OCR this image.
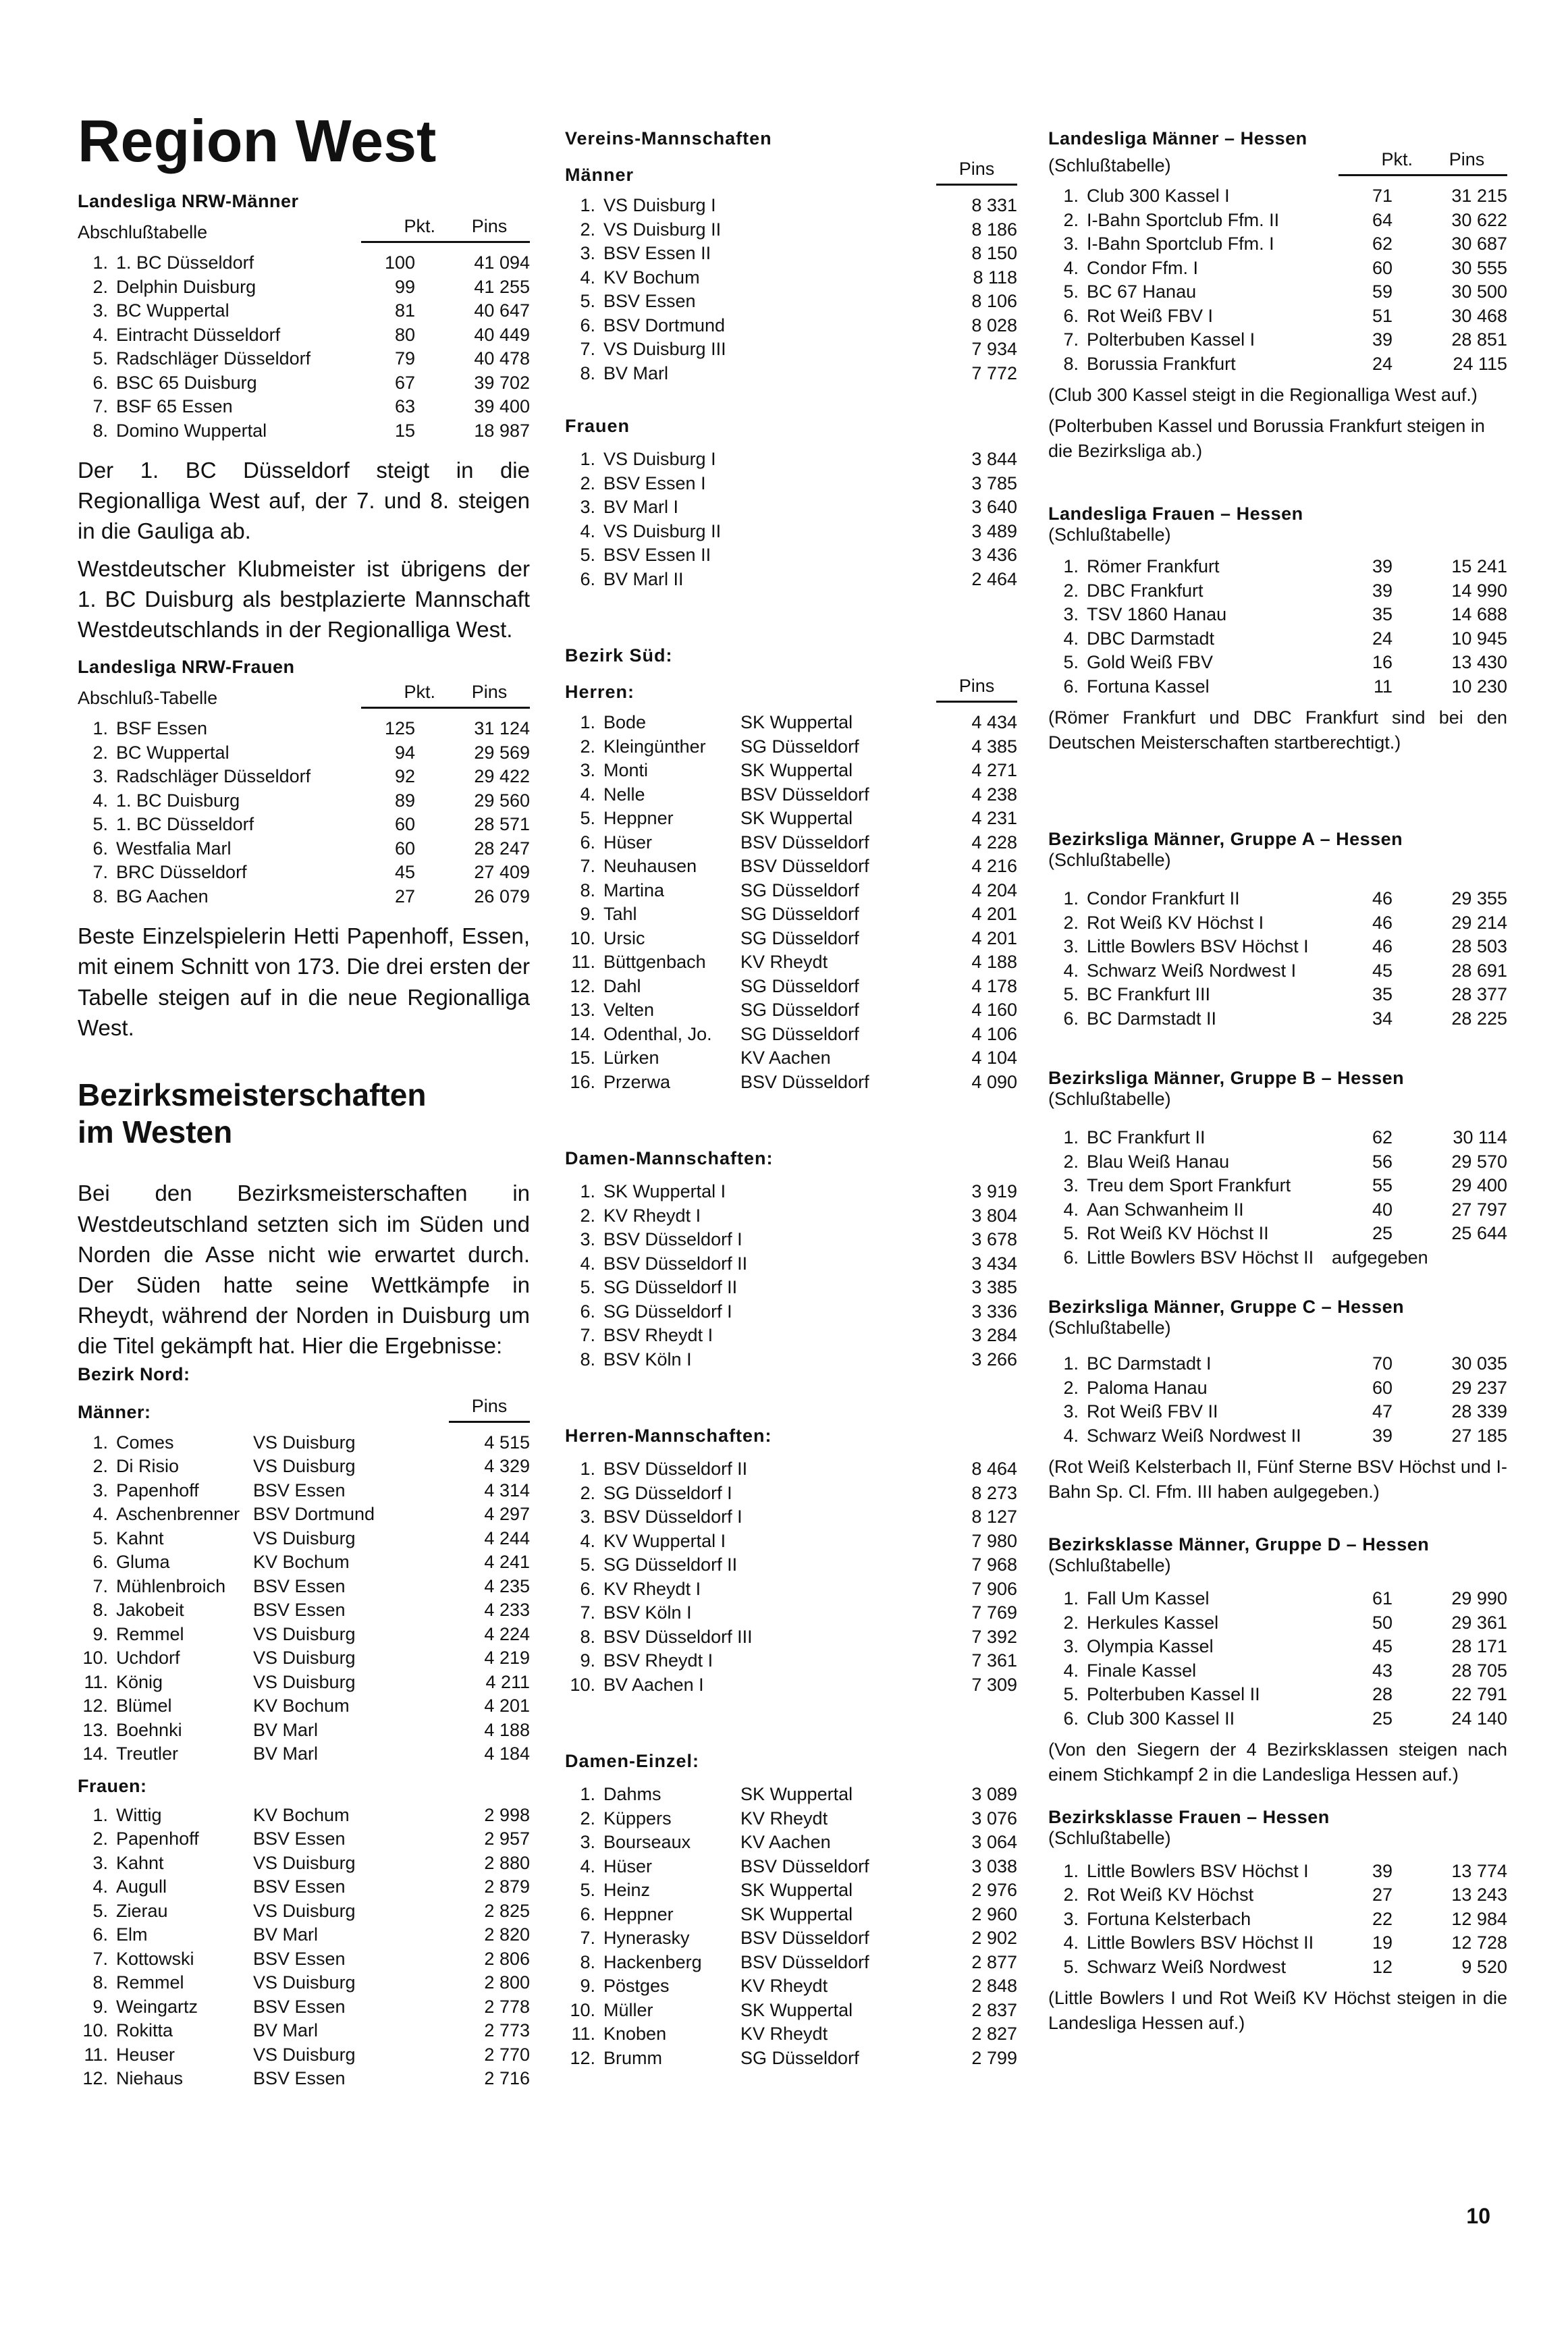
Region West
Landesliga NRW-Männer
Abschlußtabelle	Pkt.	Pins
1.	1. BC Düsseldorf	100	41 094
2.	Delphin Duisburg	99	41 255
3.	BC Wuppertal	81	40 647
4.	Eintracht Düsseldorf	80	40 449
5.	Radschläger Düsseldorf	79	40 478
6.	BSC 65 Duisburg	67	39 702
7.	BSF 65 Essen	63	39 400
8.	Domino Wuppertal	15	18 987

Der 1. BC Düsseldorf steigt in die Regionalliga West auf, der 7. und 8. steigen in die Gauliga ab.

Westdeutscher Klubmeister ist übrigens der 1. BC Duisburg als bestplazierte Mannschaft Westdeutschlands in der Regionalliga West.

Landesliga NRW-Frauen
Abschluß-Tabelle	Pkt.	Pins
1.	BSF Essen	125	31 124
2.	BC Wuppertal	94	29 569
3.	Radschläger Düsseldorf	92	29 422
4.	1. BC Duisburg	89	29 560
5.	1. BC Düsseldorf	60	28 571
6.	Westfalia Marl	60	28 247
7.	BRC Düsseldorf	45	27 409
8.	BG Aachen	27	26 079

Beste Einzelspielerin Hetti Papenhoff, Essen, mit einem Schnitt von 173. Die drei ersten der Tabelle steigen auf in die neue Regionalliga West.

Bezirksmeisterschaften
im Westen

Bei den Bezirksmeisterschaften in Westdeutschland setzten sich im Süden und Norden die Asse nicht wie erwartet durch. Der Süden hatte seine Wettkämpfe in Rheydt, während der Norden in Duisburg um die Titel gekämpft hat. Hier die Ergebnisse:

Bezirk Nord:
Männer:	Pins
1.	Comes	VS Duisburg	4 515
2.	Di Risio	VS Duisburg	4 329
3.	Papenhoff	BSV Essen	4 314
4.	Aschenbrenner	BSV Dortmund	4 297
5.	Kahnt	VS Duisburg	4 244
6.	Gluma	KV Bochum	4 241
7.	Mühlenbroich	BSV Essen	4 235
8.	Jakobeit	BSV Essen	4 233
9.	Remmel	VS Duisburg	4 224
10.	Uchdorf	VS Duisburg	4 219
11.	König	VS Duisburg	4 211
12.	Blümel	KV Bochum	4 201
13.	Boehnki	BV Marl	4 188
14.	Treutler	BV Marl	4 184
Frauen:
1.	Wittig	KV Bochum	2 998
2.	Papenhoff	BSV Essen	2 957
3.	Kahnt	VS Duisburg	2 880
4.	Augull	BSV Essen	2 879
5.	Zierau	VS Duisburg	2 825
6.	Elm	BV Marl	2 820
7.	Kottowski	BSV Essen	2 806
8.	Remmel	VS Duisburg	2 800
9.	Weingartz	BSV Essen	2 778
10.	Rokitta	BV Marl	2 773
11.	Heuser	VS Duisburg	2 770
12.	Niehaus	BSV Essen	2 716
Vereins-Mannschaften
Männer	Pins
1.	VS Duisburg I	8 331
2.	VS Duisburg II	8 186
3.	BSV Essen II	8 150
4.	KV Bochum	8 118
5.	BSV Essen	8 106
6.	BSV Dortmund	8 028
7.	VS Duisburg III	7 934
8.	BV Marl	7 772
Frauen
1.	VS Duisburg I	3 844
2.	BSV Essen I	3 785
3.	BV Marl I	3 640
4.	VS Duisburg II	3 489
5.	BSV Essen II	3 436
6.	BV Marl II	2 464
Bezirk Süd:
Herren:	Pins
1.	Bode	SK Wuppertal	4 434
2.	Kleingünther	SG Düsseldorf	4 385
3.	Monti	SK Wuppertal	4 271
4.	Nelle	BSV Düsseldorf	4 238
5.	Heppner	SK Wuppertal	4 231
6.	Hüser	BSV Düsseldorf	4 228
7.	Neuhausen	BSV Düsseldorf	4 216
8.	Martina	SG Düsseldorf	4 204
9.	Tahl	SG Düsseldorf	4 201
10.	Ursic	SG Düsseldorf	4 201
11.	Büttgenbach	KV Rheydt	4 188
12.	Dahl	SG Düsseldorf	4 178
13.	Velten	SG Düsseldorf	4 160
14.	Odenthal, Jo.	SG Düsseldorf	4 106
15.	Lürken	KV Aachen	4 104
16.	Przerwa	BSV Düsseldorf	4 090
Damen-Mannschaften:
1.	SK Wuppertal I	3 919
2.	KV Rheydt I	3 804
3.	BSV Düsseldorf I	3 678
4.	BSV Düsseldorf II	3 434
5.	SG Düsseldorf II	3 385
6.	SG Düsseldorf I	3 336
7.	BSV Rheydt I	3 284
8.	BSV Köln I	3 266
Herren-Mannschaften:
1.	BSV Düsseldorf II	8 464
2.	SG Düsseldorf I	8 273
3.	BSV Düsseldorf I	8 127
4.	KV Wuppertal I	7 980
5.	SG Düsseldorf II	7 968
6.	KV Rheydt I	7 906
7.	BSV Köln I	7 769
8.	BSV Düsseldorf III	7 392
9.	BSV Rheydt I	7 361
10.	BV Aachen I	7 309
Damen-Einzel:
1.	Dahms	SK Wuppertal	3 089
2.	Küppers	KV Rheydt	3 076
3.	Bourseaux	KV Aachen	3 064
4.	Hüser	BSV Düsseldorf	3 038
5.	Heinz	SK Wuppertal	2 976
6.	Heppner	SK Wuppertal	2 960
7.	Hynerasky	BSV Düsseldorf	2 902
8.	Hackenberg	BSV Düsseldorf	2 877
9.	Pöstges	KV Rheydt	2 848
10.	Müller	SK Wuppertal	2 837
11.	Knoben	KV Rheydt	2 827
12.	Brumm	SG Düsseldorf	2 799
Landesliga Männer – Hessen
(Schlußtabelle)	Pkt.	Pins
1.	Club 300 Kassel I	71	31 215
2.	I-Bahn Sportclub Ffm. II	64	30 622
3.	I-Bahn Sportclub Ffm. I	62	30 687
4.	Condor Ffm. I	60	30 555
5.	BC 67 Hanau	59	30 500
6.	Rot Weiß FBV I	51	30 468
7.	Polterbuben Kassel I	39	28 851
8.	Borussia Frankfurt	24	24 115

(Club 300 Kassel steigt in die Regionalliga West auf.)

(Polterbuben Kassel und Borussia Frankfurt steigen in die Bezirksliga ab.)

Landesliga Frauen – Hessen
(Schlußtabelle)
1.	Römer Frankfurt	39	15 241
2.	DBC Frankfurt	39	14 990
3.	TSV 1860 Hanau	35	14 688
4.	DBC Darmstadt	24	10 945
5.	Gold Weiß FBV	16	13 430
6.	Fortuna Kassel	11	10 230

(Römer Frankfurt und DBC Frankfurt sind bei den Deutschen Meisterschaften startberechtigt.)

Bezirksliga Männer, Gruppe A – Hessen
(Schlußtabelle)
1.	Condor Frankfurt II	46	29 355
2.	Rot Weiß KV Höchst I	46	29 214
3.	Little Bowlers BSV Höchst I	46	28 503
4.	Schwarz Weiß Nordwest I	45	28 691
5.	BC Frankfurt III	35	28 377
6.	BC Darmstadt II	34	28 225
Bezirksliga Männer, Gruppe B – Hessen
(Schlußtabelle)
1.	BC Frankfurt II	62	30 114
2.	Blau Weiß Hanau	56	29 570
3.	Treu dem Sport Frankfurt	55	29 400
4.	Aan Schwanheim II	40	27 797
5.	Rot Weiß KV Höchst II	25	25 644
6.	Little Bowlers BSV Höchst II	aufgegeben	
Bezirksliga Männer, Gruppe C – Hessen
(Schlußtabelle)
1.	BC Darmstadt I	70	30 035
2.	Paloma Hanau	60	29 237
3.	Rot Weiß FBV II	47	28 339
4.	Schwarz Weiß Nordwest II	39	27 185

(Rot Weiß Kelsterbach II, Fünf Sterne BSV Höchst und I-Bahn Sp. Cl. Ffm. III haben aulgegeben.)

Bezirksklasse Männer, Gruppe D – Hessen
(Schlußtabelle)
1.	Fall Um Kassel	61	29 990
2.	Herkules Kassel	50	29 361
3.	Olympia Kassel	45	28 171
4.	Finale Kassel	43	28 705
5.	Polterbuben Kassel II	28	22 791
6.	Club 300 Kassel II	25	24 140

(Von den Siegern der 4 Bezirksklassen steigen nach einem Stichkampf 2 in die Landesliga Hessen auf.)

Bezirksklasse Frauen – Hessen
(Schlußtabelle)
1.	Little Bowlers BSV Höchst I	39	13 774
2.	Rot Weiß KV Höchst	27	13 243
3.	Fortuna Kelsterbach	22	12 984
4.	Little Bowlers BSV Höchst II	19	12 728
5.	Schwarz Weiß Nordwest	12	9 520

(Little Bowlers I und Rot Weiß KV Höchst steigen in die Landesliga Hessen auf.)

10
